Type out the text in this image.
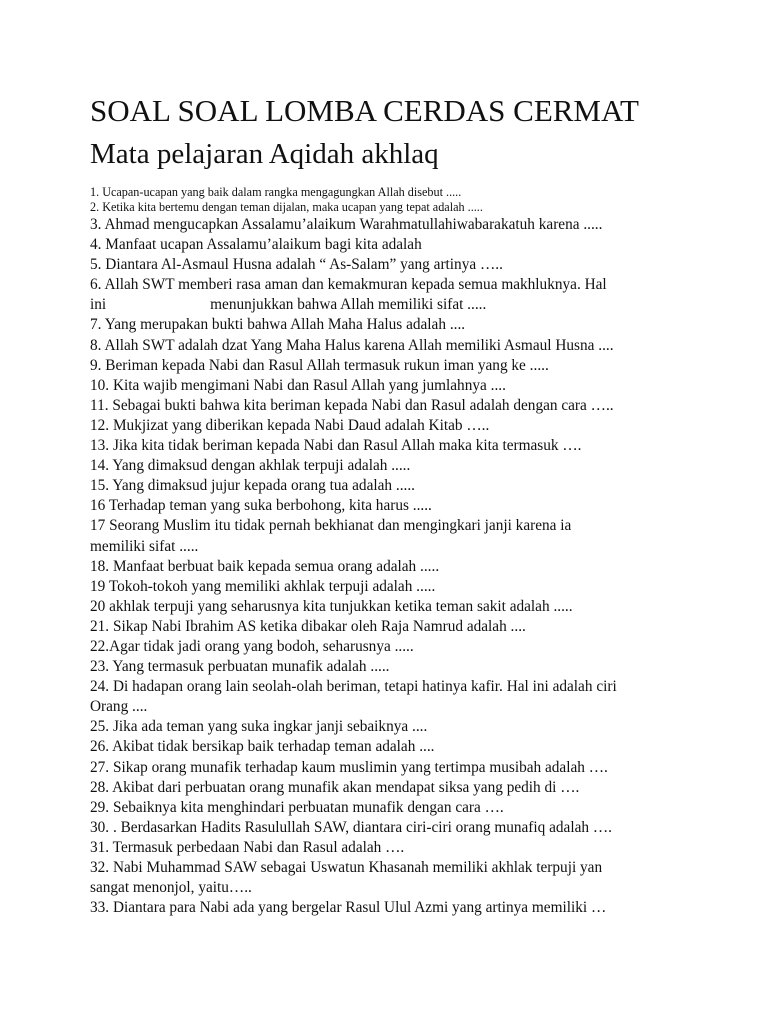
SOAL SOAL LOMBA CERDAS CERMAT
Mata pelajaran Aqidah akhlaq

1. Ucapan-ucapan yang baik dalam rangka mengagungkan Allah disebut .....

2. Ketika kita bertemu dengan teman dijalan, maka ucapan yang tepat adalah .....

3. Ahmad mengucapkan Assalamu’alaikum Warahmatullahiwabarakatuh karena .....

4. Manfaat ucapan Assalamu’alaikum bagi kita adalah

5. Diantara Al-Asmaul Husna adalah “ As-Salam” yang artinya …..

6. Allah SWT memberi rasa aman dan kemakmuran kepada semua makhluknya. Hal

ini	menunjukkan bahwa Allah memiliki sifat .....

7. Yang merupakan bukti bahwa Allah Maha Halus adalah ....

8. Allah SWT adalah dzat Yang Maha Halus karena Allah memiliki Asmaul Husna ....

9. Beriman kepada Nabi dan Rasul Allah termasuk rukun iman yang ke .....

10. Kita wajib mengimani Nabi dan Rasul Allah yang jumlahnya ....

11. Sebagai bukti bahwa kita beriman kepada Nabi dan Rasul adalah dengan cara …..

12. Mukjizat yang diberikan kepada Nabi Daud adalah Kitab …..

13. Jika kita tidak beriman kepada Nabi dan Rasul Allah maka kita termasuk ….

14. Yang dimaksud dengan akhlak terpuji adalah .....

15. Yang dimaksud jujur kepada orang tua adalah .....

16 Terhadap teman yang suka berbohong, kita harus .....

17 Seorang Muslim itu tidak pernah bekhianat dan mengingkari janji karena ia

memiliki sifat .....

18. Manfaat berbuat baik kepada semua orang adalah .....

19 Tokoh-tokoh yang memiliki akhlak terpuji adalah .....

20 akhlak terpuji yang seharusnya kita tunjukkan ketika teman sakit adalah .....

21. Sikap Nabi Ibrahim AS ketika dibakar oleh Raja Namrud adalah ....

22.Agar tidak jadi orang yang bodoh, seharusnya .....

23. Yang termasuk perbuatan munafik adalah .....

24. Di hadapan orang lain seolah-olah beriman, tetapi hatinya kafir. Hal ini adalah ciri

Orang ....

25. Jika ada teman yang suka ingkar janji sebaiknya ....

26. Akibat tidak bersikap baik terhadap teman adalah ....

27. Sikap orang munafik terhadap kaum muslimin yang tertimpa musibah adalah ….

28. Akibat dari perbuatan orang munafik akan mendapat siksa yang pedih di ….

29. Sebaiknya kita menghindari perbuatan munafik dengan cara ….

30. . Berdasarkan Hadits Rasulullah SAW, diantara ciri-ciri orang munafiq adalah ….

31. Termasuk perbedaan Nabi dan Rasul adalah ….

32. Nabi Muhammad SAW sebagai Uswatun Khasanah memiliki akhlak terpuji yan

sangat menonjol, yaitu…..

33. Diantara para Nabi ada yang bergelar Rasul Ulul Azmi yang artinya memiliki …
